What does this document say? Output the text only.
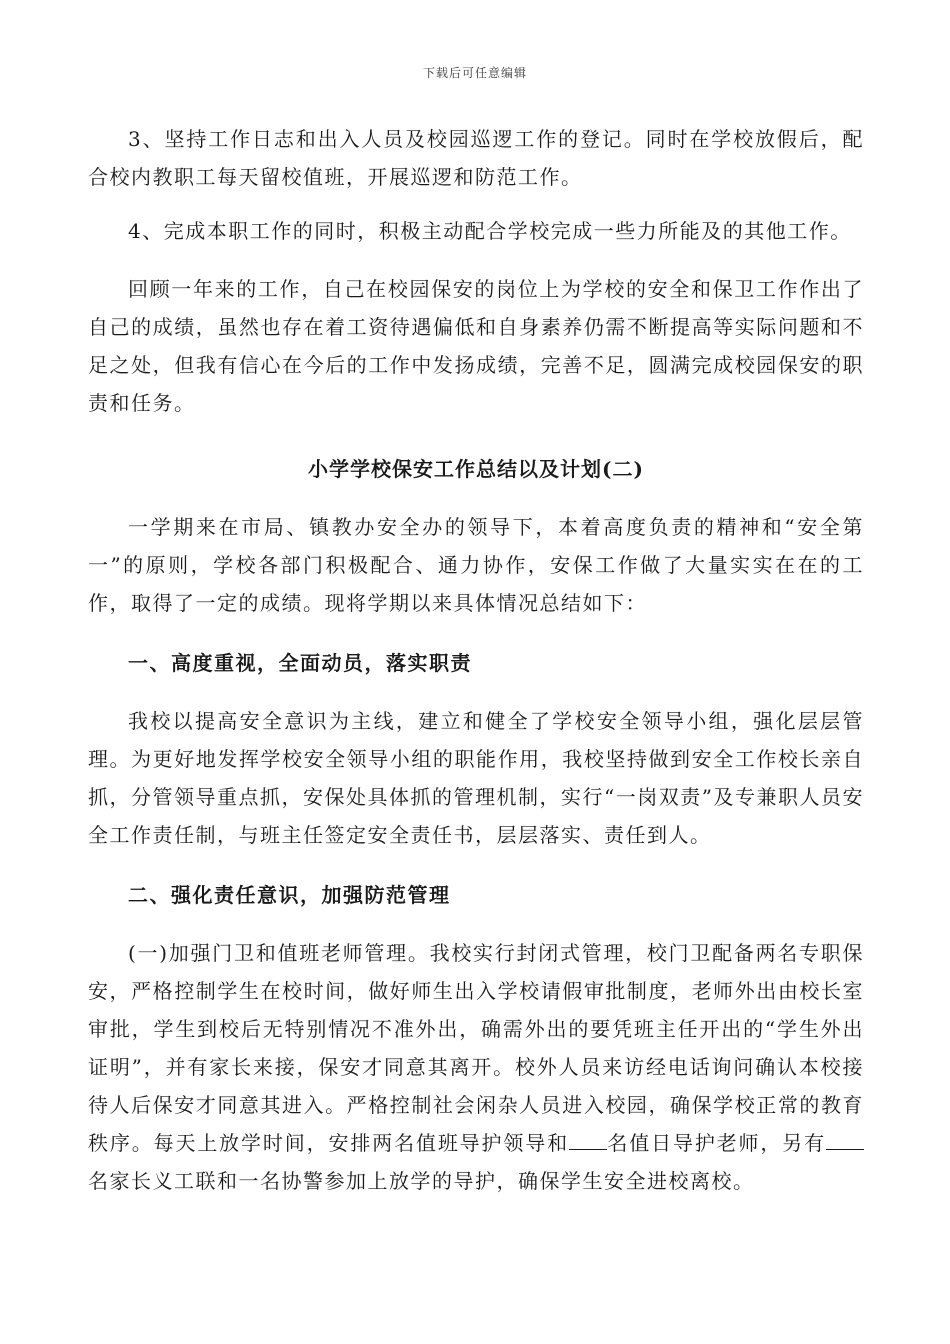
下载后可任意编辑

3、坚持工作日志和出入人员及校园巡逻工作的登记。同时在学校放假后，配合校内教职工每天留校值班，开展巡逻和防范工作。

4、完成本职工作的同时，积极主动配合学校完成一些力所能及的其他工作。

回顾一年来的工作，自己在校园保安的岗位上为学校的安全和保卫工作作出了自己的成绩，虽然也存在着工资待遇偏低和自身素养仍需不断提高等实际问题和不足之处，但我有信心在今后的工作中发扬成绩，完善不足，圆满完成校园保安的职责和任务。

小学学校保安工作总结以及计划(二)

一学期来在市局、镇教办安全办的领导下，本着高度负责的精神和“安全第一”的原则，学校各部门积极配合、通力协作，安保工作做了大量实实在在的工作，取得了一定的成绩。现将学期以来具体情况总结如下：

一、高度重视，全面动员，落实职责

我校以提高安全意识为主线，建立和健全了学校安全领导小组，强化层层管理。为更好地发挥学校安全领导小组的职能作用，我校坚持做到安全工作校长亲自抓，分管领导重点抓，安保处具体抓的管理机制，实行“一岗双责”及专兼职人员安全工作责任制，与班主任签定安全责任书，层层落实、责任到人。

二、强化责任意识，加强防范管理

(一)加强门卫和值班老师管理。我校实行封闭式管理，校门卫配备两名专职保安，严格控制学生在校时间，做好师生出入学校请假审批制度，老师外出由校长室审批，学生到校后无特别情况不准外出，确需外出的要凭班主任开出的“学生外出证明”，并有家长来接，保安才同意其离开。校外人员来访经电话询问确认本校接待人后保安才同意其进入。严格控制社会闲杂人员进入校园，确保学校正常的教育秩序。每天上放学时间，安排两名值班导护领导和 名值日导护老师，另有名家长义工联和一名协警参加上放学的导护，确保学生安全进校离校。
